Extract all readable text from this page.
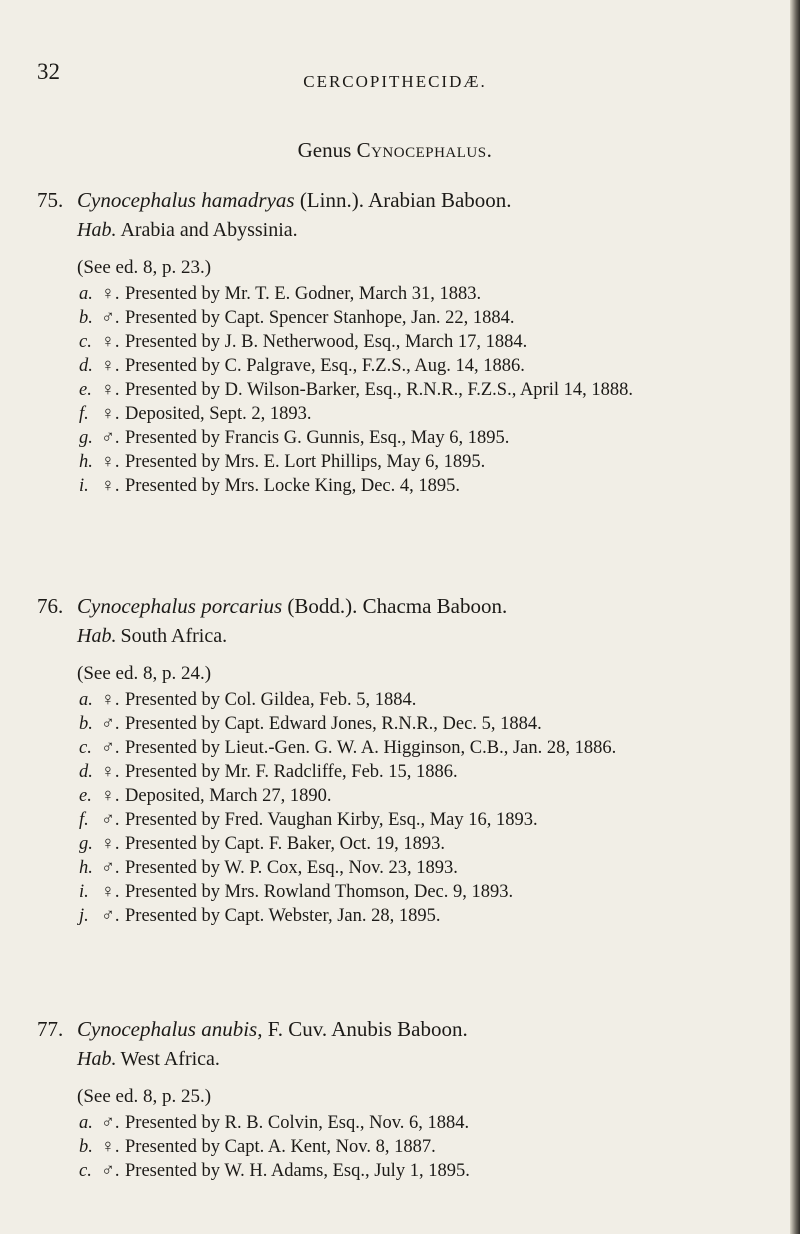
32	CERCOPITHECIDÆ.
Genus Cynocephalus.
75. Cynocephalus hamadryas (Linn.). Arabian Baboon.
Hab. Arabia and Abyssinia.
(See ed. 8, p. 23.)
a. ♀. Presented by Mr. T. E. Godner, March 31, 1883.
b. ♂. Presented by Capt. Spencer Stanhope, Jan. 22, 1884.
c. ♀. Presented by J. B. Netherwood, Esq., March 17, 1884.
d. ♀. Presented by C. Palgrave, Esq., F.Z.S., Aug. 14, 1886.
e. ♀. Presented by D. Wilson-Barker, Esq., R.N.R., F.Z.S., April 14, 1888.
f. ♀. Deposited, Sept. 2, 1893.
g. ♂. Presented by Francis G. Gunnis, Esq., May 6, 1895.
h. ♀. Presented by Mrs. E. Lort Phillips, May 6, 1895.
i. ♀. Presented by Mrs. Locke King, Dec. 4, 1895.
76. Cynocephalus porcarius (Bodd.). Chacma Baboon.
Hab. South Africa.
(See ed. 8, p. 24.)
a. ♀. Presented by Col. Gildea, Feb. 5, 1884.
b. ♂. Presented by Capt. Edward Jones, R.N.R., Dec. 5, 1884.
c. ♂. Presented by Lieut.-Gen. G. W. A. Higginson, C.B., Jan. 28, 1886.
d. ♀. Presented by Mr. F. Radcliffe, Feb. 15, 1886.
e. ♀. Deposited, March 27, 1890.
f. ♂. Presented by Fred. Vaughan Kirby, Esq., May 16, 1893.
g. ♀. Presented by Capt. F. Baker, Oct. 19, 1893.
h. ♂. Presented by W. P. Cox, Esq., Nov. 23, 1893.
i. ♀. Presented by Mrs. Rowland Thomson, Dec. 9, 1893.
j. ♂. Presented by Capt. Webster, Jan. 28, 1895.
77. Cynocephalus anubis, F. Cuv. Anubis Baboon.
Hab. West Africa.
(See ed. 8, p. 25.)
a. ♂. Presented by R. B. Colvin, Esq., Nov. 6, 1884.
b. ♀. Presented by Capt. A. Kent, Nov. 8, 1887.
c. ♂. Presented by W. H. Adams, Esq., July 1, 1895.
